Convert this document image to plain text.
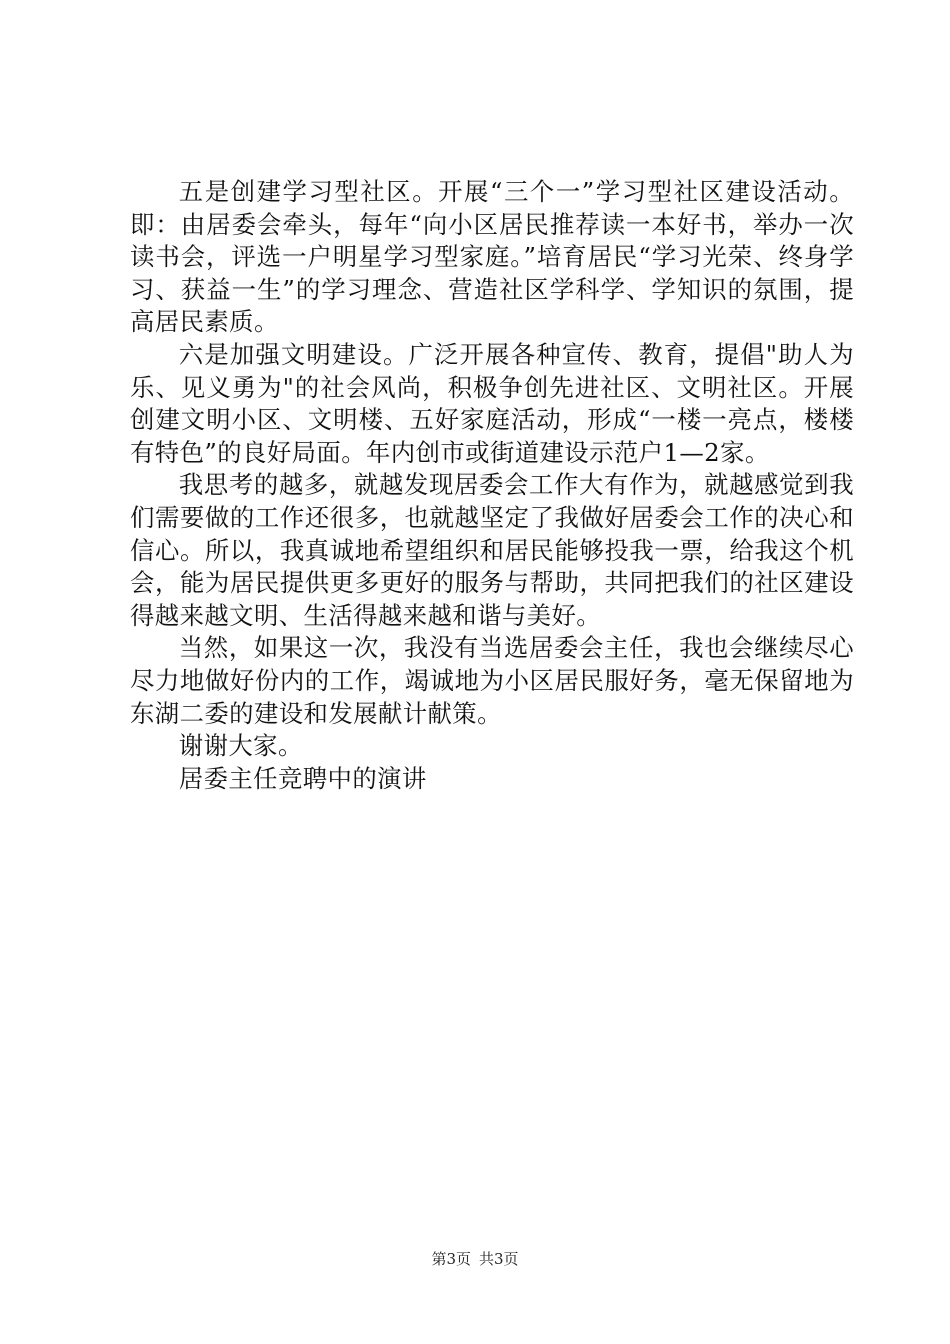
五是创建学习型社区。开展“三个一”学习型社区建设活动。即：由居委会牵头，每年“向小区居民推荐读一本好书，举办一次读书会，评选一户明星学习型家庭。”培育居民“学习光荣、终身学习、获益一生”的学习理念、营造社区学科学、学知识的氛围，提高居民素质。

六是加强文明建设。广泛开展各种宣传、教育，提倡"助人为乐、见义勇为"的社会风尚，积极争创先进社区、文明社区。开展创建文明小区、文明楼、五好家庭活动，形成“一楼一亮点，楼楼有特色”的良好局面。年内创市或街道建设示范户1—2家。

我思考的越多，就越发现居委会工作大有作为，就越感觉到我们需要做的工作还很多，也就越坚定了我做好居委会工作的决心和信心。所以，我真诚地希望组织和居民能够投我一票，给我这个机会，能为居民提供更多更好的服务与帮助，共同把我们的社区建设得越来越文明、生活得越来越和谐与美好。

当然，如果这一次，我没有当选居委会主任，我也会继续尽心尽力地做好份内的工作，竭诚地为小区居民服好务，毫无保留地为东湖二委的建设和发展献计献策。

谢谢大家。

居委主任竞聘中的演讲

第3页 共3页
